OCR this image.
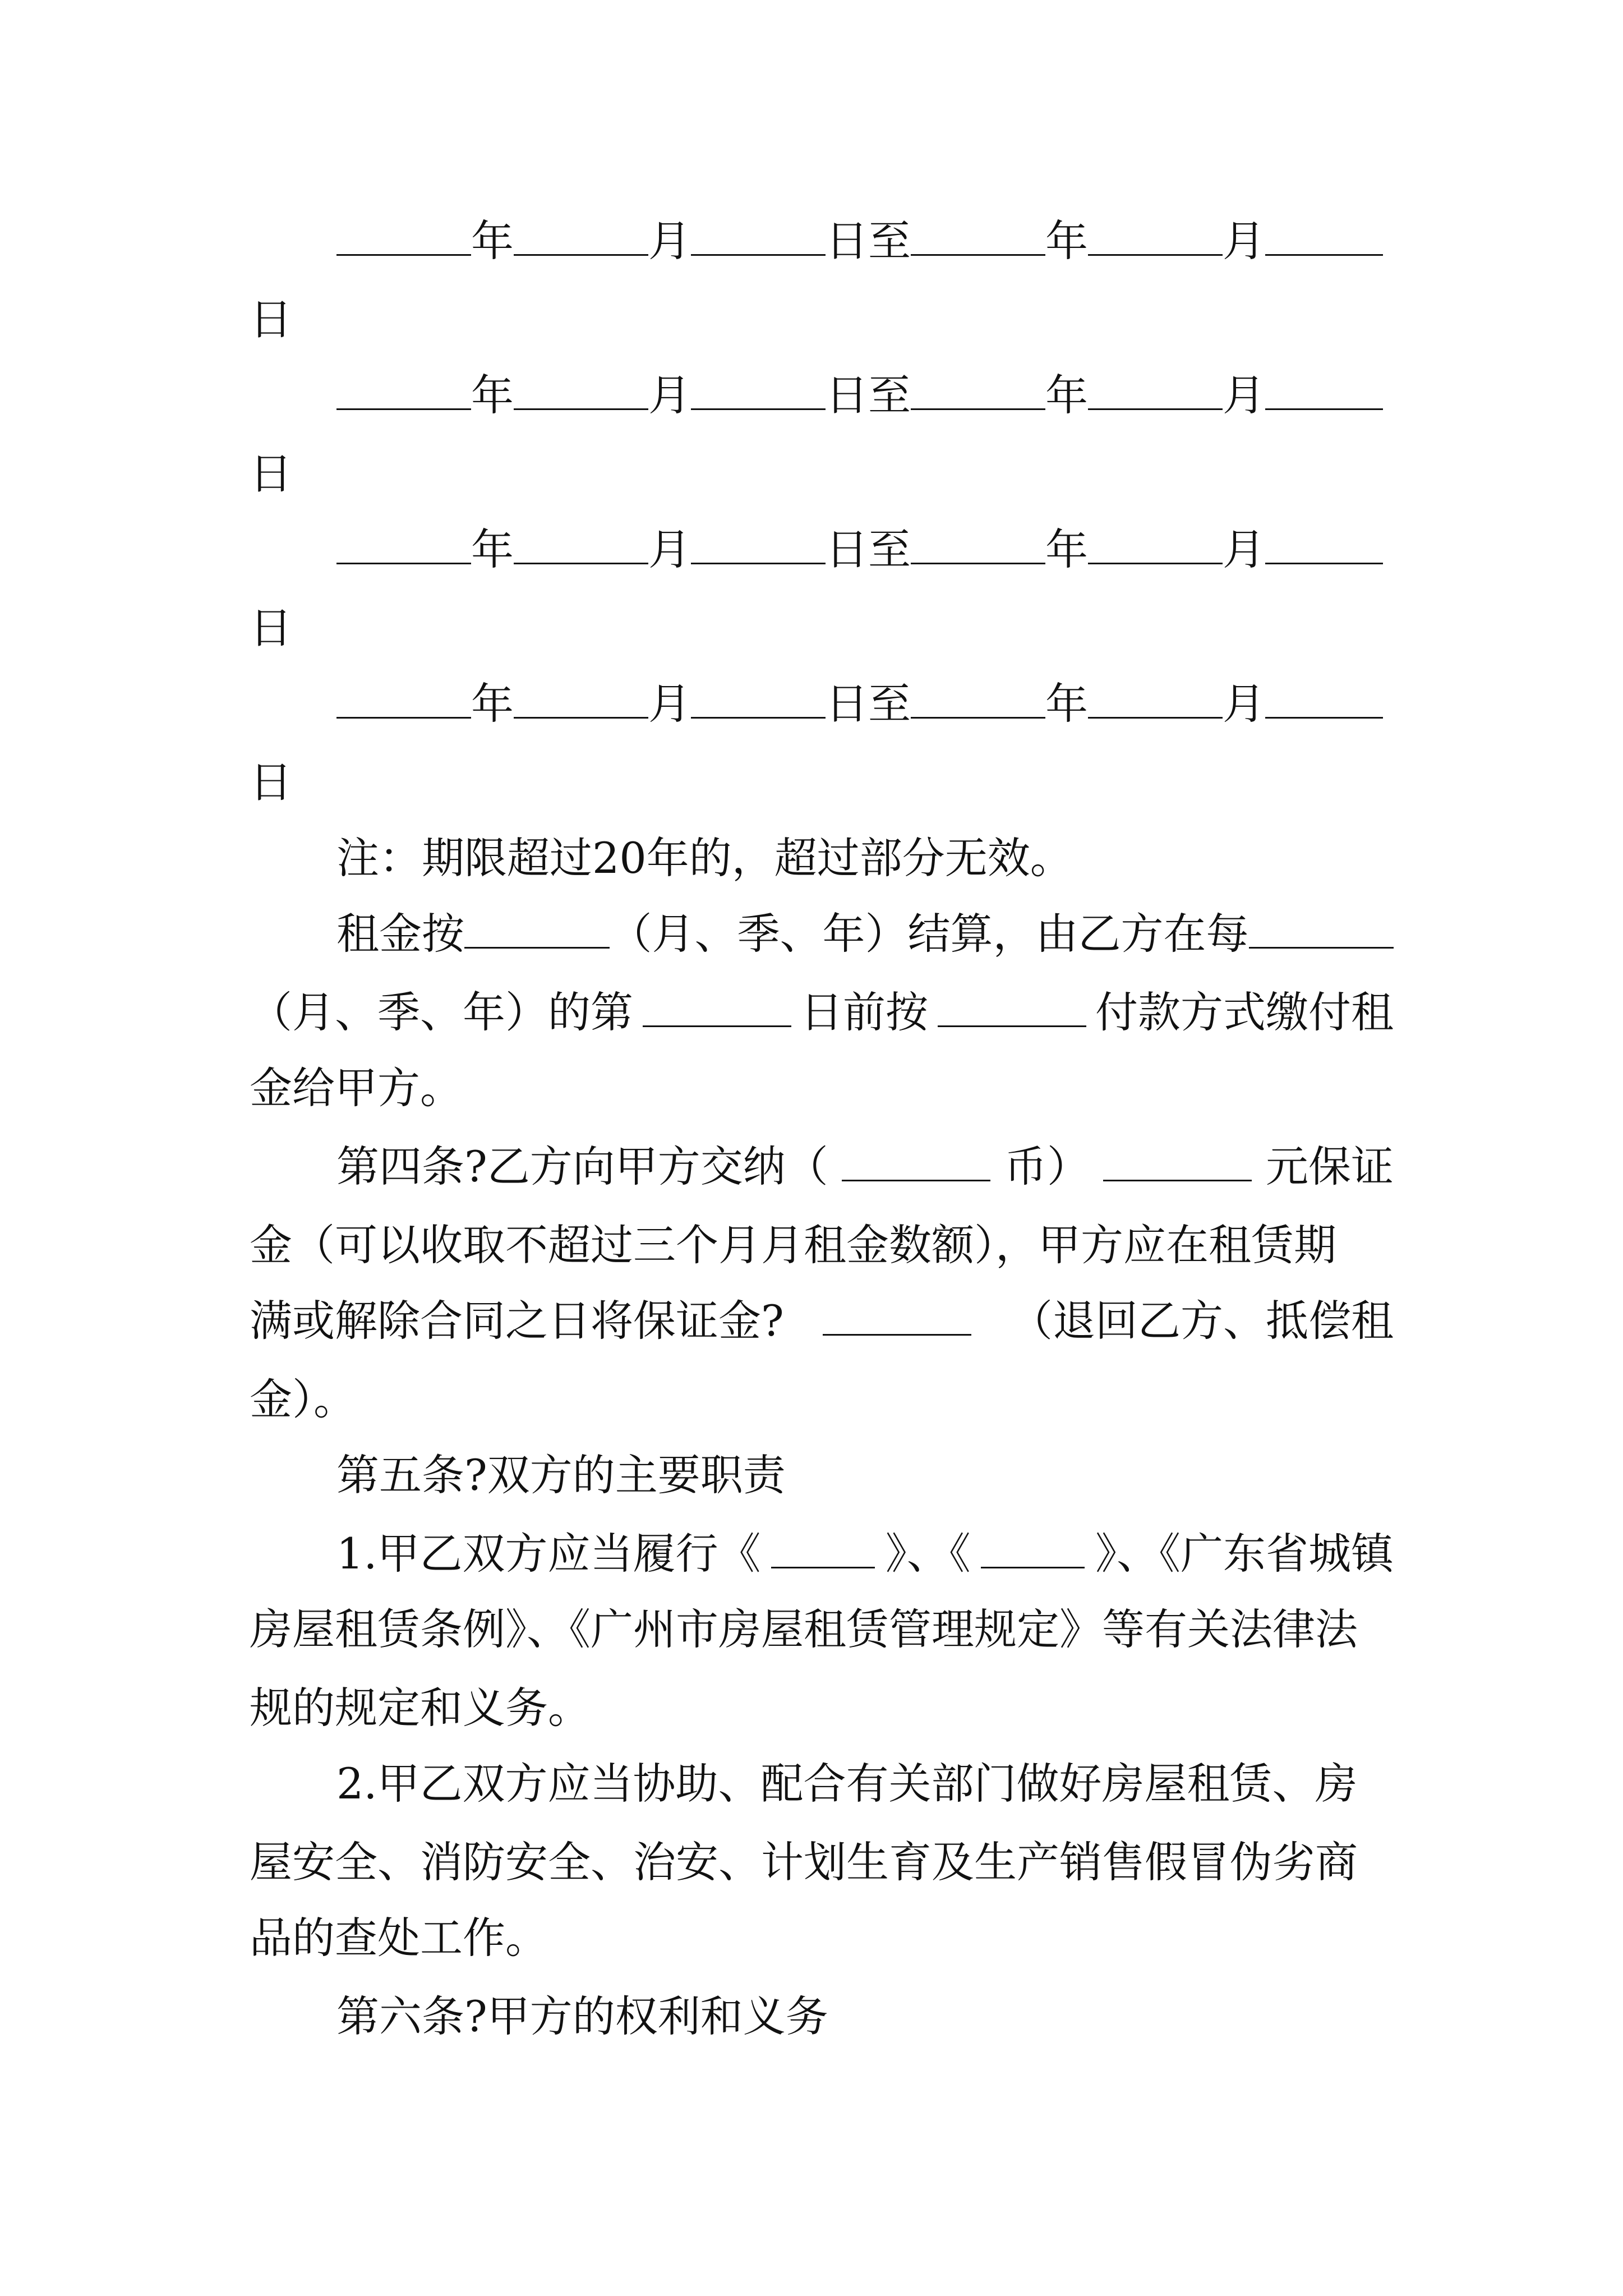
年	月	日至	年	月
日
年	月	日至	年	月
日
年	月	日至	年	月
日
年	月	日至	年	月
日
注：期限超过20年的，超过部分无效。
租金按	（月、季、年）结算，由乙方在每
（月、季、年）的第	日前按	付款方式缴付租
金给甲方。
第四条?乙方向甲方交纳（	币）	元保证
金（可以收取不超过三个月月租金数额），甲方应在租赁期
满或解除合同之日将保证金?	（退回乙方、抵偿租
金）。
第五条?双方的主要职责
1.甲乙双方应当履行《	》、《	》、《广东省城镇
房屋租赁条例》、《广州市房屋租赁管理规定》等有关法律法
规的规定和义务。
2.甲乙双方应当协助、配合有关部门做好房屋租赁、房
屋安全、消防安全、治安、计划生育及生产销售假冒伪劣商
品的查处工作。
第六条?甲方的权利和义务
